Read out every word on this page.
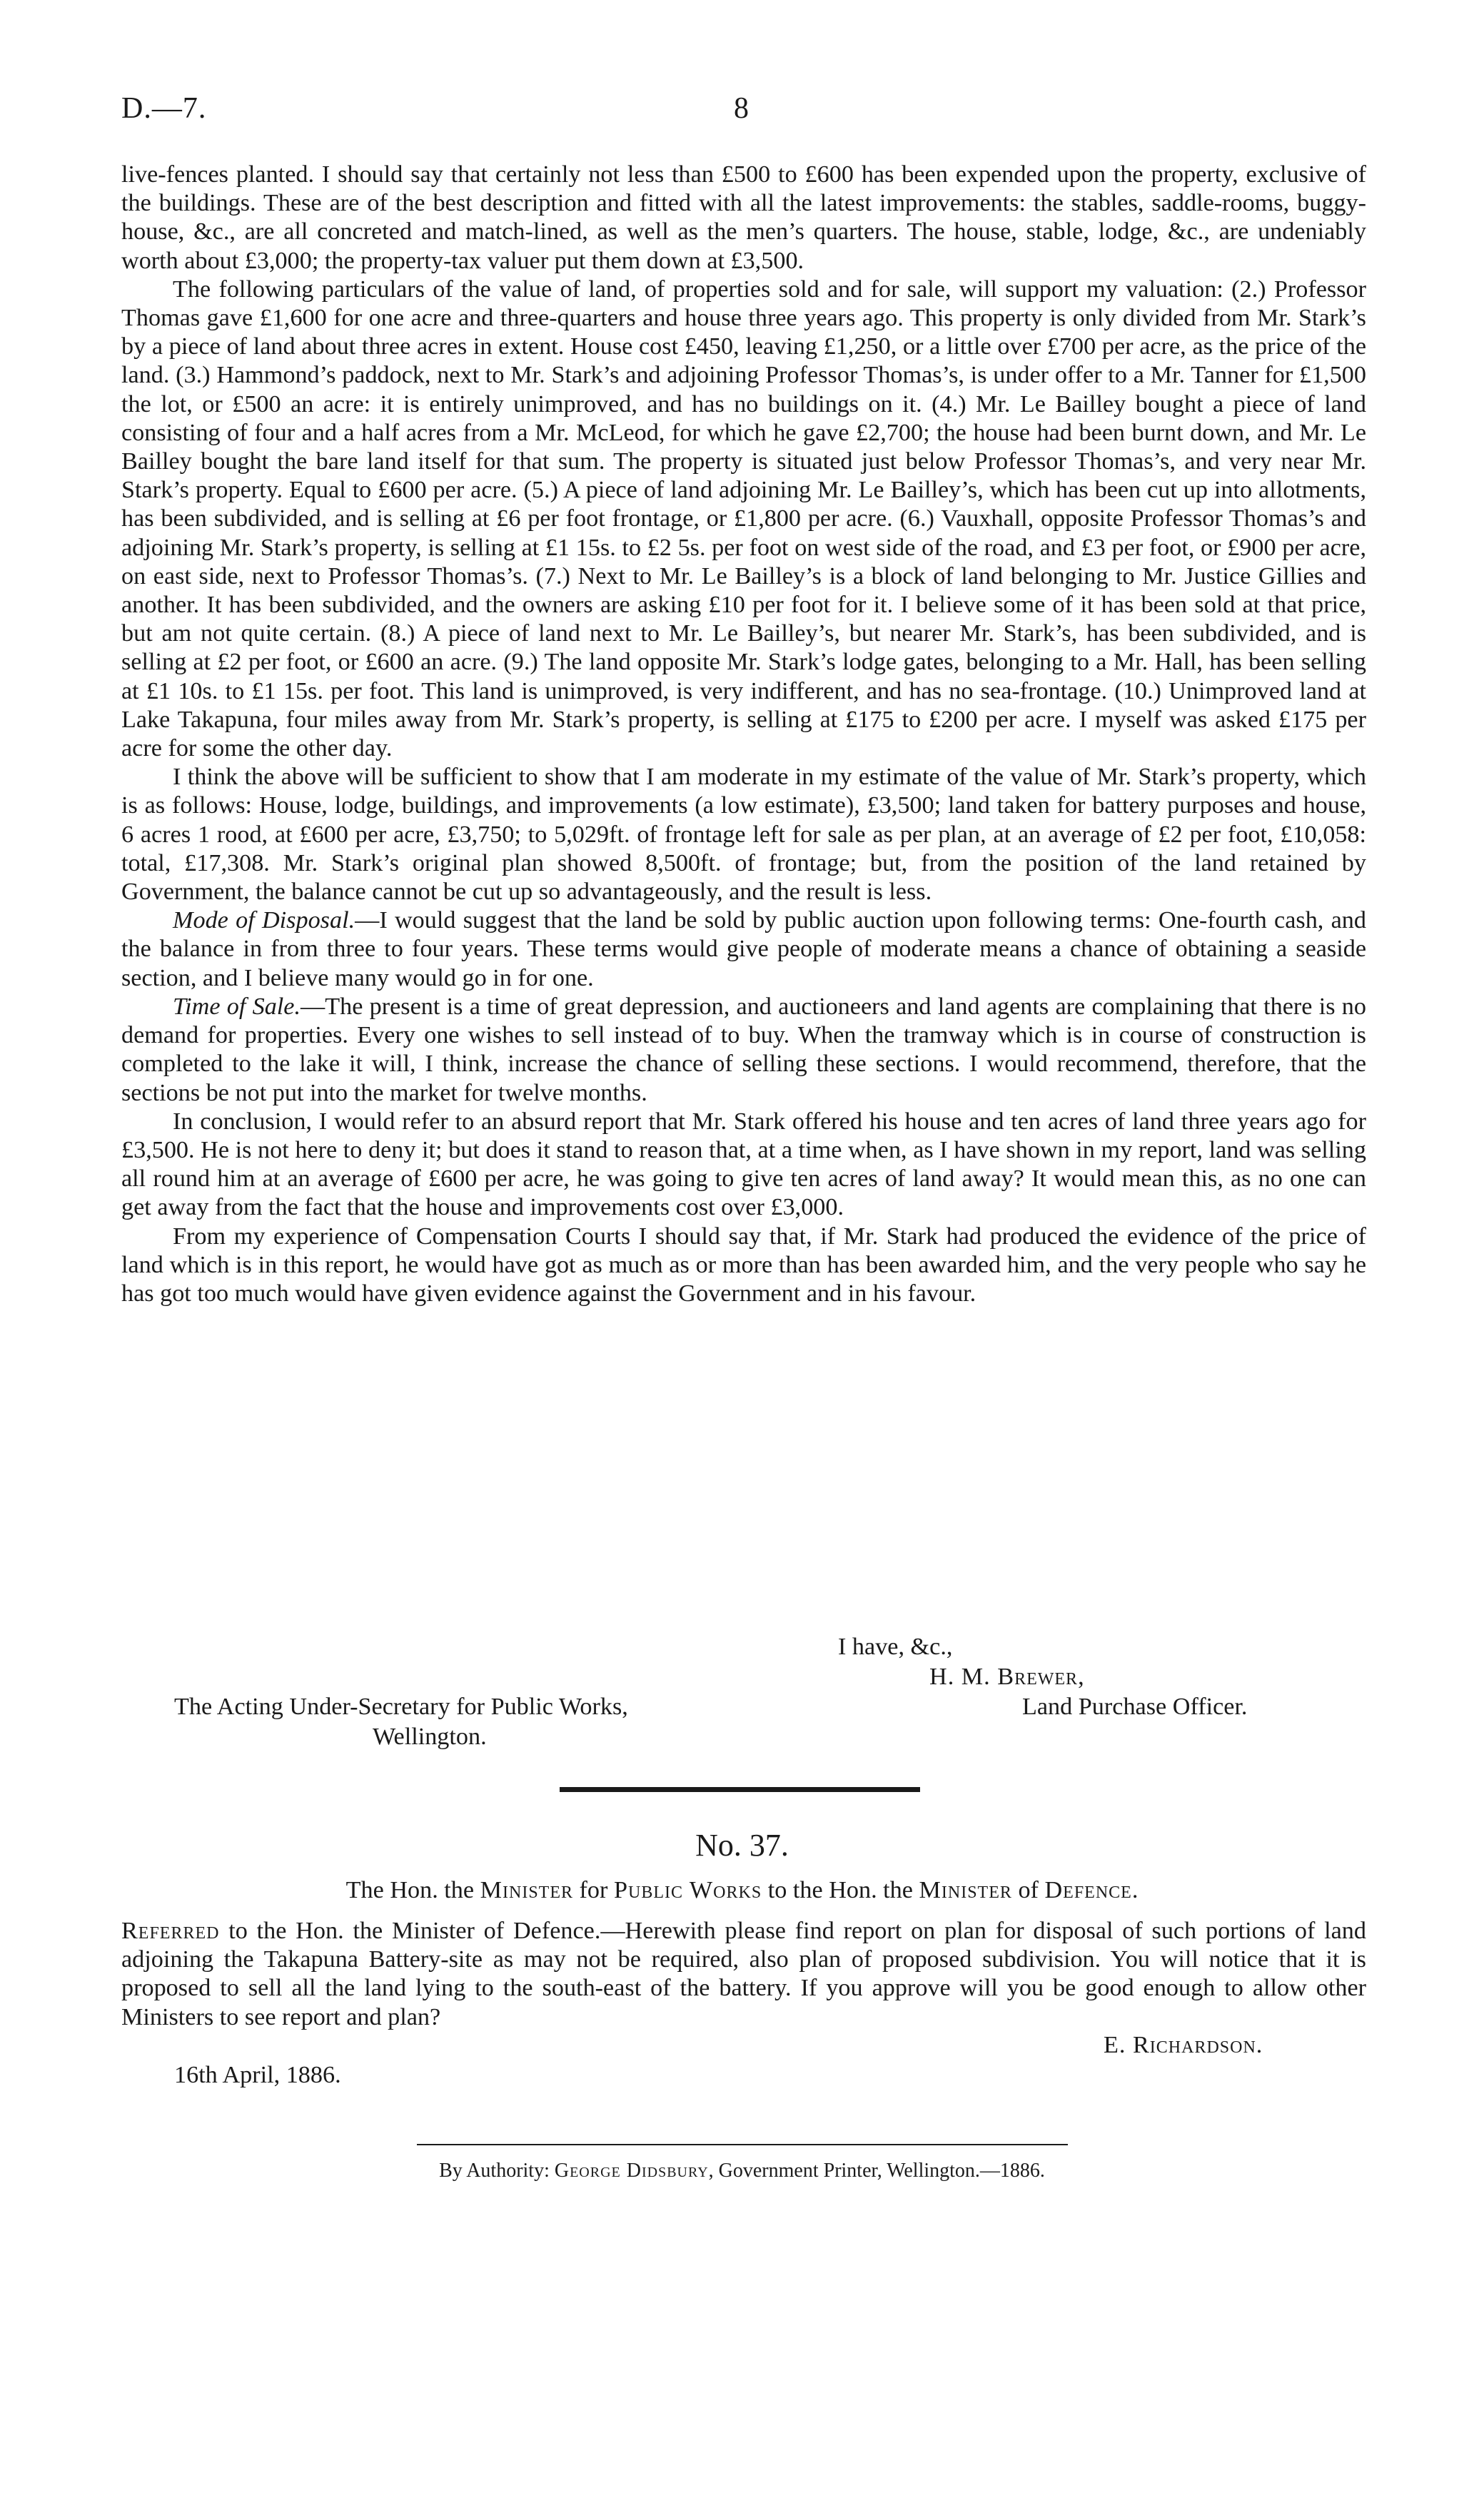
D.—7.	8

live-fences planted. I should say that certainly not less than £500 to £600 has been expended upon the property, exclusive of the buildings. These are of the best description and fitted with all the latest improvements: the stables, saddle-rooms, buggy-house, &c., are all concreted and match-lined, as well as the men’s quarters. The house, stable, lodge, &c., are undeniably worth about £3,000; the property-tax valuer put them down at £3,500.

The following particulars of the value of land, of properties sold and for sale, will support my valuation: (2.) Professor Thomas gave £1,600 for one acre and three-quarters and house three years ago. This property is only divided from Mr. Stark’s by a piece of land about three acres in extent. House cost £450, leaving £1,250, or a little over £700 per acre, as the price of the land. (3.) Hammond’s paddock, next to Mr. Stark’s and adjoining Professor Thomas’s, is under offer to a Mr. Tanner for £1,500 the lot, or £500 an acre: it is entirely unimproved, and has no buildings on it. (4.) Mr. Le Bailley bought a piece of land consisting of four and a half acres from a Mr. McLeod, for which he gave £2,700; the house had been burnt down, and Mr. Le Bailley bought the bare land itself for that sum. The property is situated just below Professor Thomas’s, and very near Mr. Stark’s property. Equal to £600 per acre. (5.) A piece of land adjoining Mr. Le Bailley’s, which has been cut up into allotments, has been subdivided, and is selling at £6 per foot frontage, or £1,800 per acre. (6.) Vauxhall, opposite Professor Thomas’s and adjoining Mr. Stark’s property, is selling at £1 15s. to £2 5s. per foot on west side of the road, and £3 per foot, or £900 per acre, on east side, next to Professor Thomas’s. (7.) Next to Mr. Le Bailley’s is a block of land belonging to Mr. Justice Gillies and another. It has been subdivided, and the owners are asking £10 per foot for it. I believe some of it has been sold at that price, but am not quite certain. (8.) A piece of land next to Mr. Le Bailley’s, but nearer Mr. Stark’s, has been subdivided, and is selling at £2 per foot, or £600 an acre. (9.) The land opposite Mr. Stark’s lodge gates, belonging to a Mr. Hall, has been selling at £1 10s. to £1 15s. per foot. This land is unimproved, is very indifferent, and has no sea-frontage. (10.) Unimproved land at Lake Takapuna, four miles away from Mr. Stark’s property, is selling at £175 to £200 per acre. I myself was asked £175 per acre for some the other day.

I think the above will be sufficient to show that I am moderate in my estimate of the value of Mr. Stark’s property, which is as follows: House, lodge, buildings, and improvements (a low estimate), £3,500; land taken for battery purposes and house, 6 acres 1 rood, at £600 per acre, £3,750; to 5,029ft. of frontage left for sale as per plan, at an average of £2 per foot, £10,058: total, £17,308. Mr. Stark’s original plan showed 8,500ft. of frontage; but, from the position of the land retained by Government, the balance cannot be cut up so advantageously, and the result is less.

Mode of Disposal.—I would suggest that the land be sold by public auction upon following terms: One-fourth cash, and the balance in from three to four years. These terms would give people of moderate means a chance of obtaining a seaside section, and I believe many would go in for one.

Time of Sale.—The present is a time of great depression, and auctioneers and land agents are complaining that there is no demand for properties. Every one wishes to sell instead of to buy. When the tramway which is in course of construction is completed to the lake it will, I think, increase the chance of selling these sections. I would recommend, therefore, that the sections be not put into the market for twelve months.

In conclusion, I would refer to an absurd report that Mr. Stark offered his house and ten acres of land three years ago for £3,500. He is not here to deny it; but does it stand to reason that, at a time when, as I have shown in my report, land was selling all round him at an average of £600 per acre, he was going to give ten acres of land away? It would mean this, as no one can get away from the fact that the house and improvements cost over £3,000.

From my experience of Compensation Courts I should say that, if Mr. Stark had produced the evidence of the price of land which is in this report, he would have got as much as or more than has been awarded him, and the very people who say he has got too much would have given evidence against the Government and in his favour.

I have, &c.,
H. M. Brewer,
The Acting Under-Secretary for Public Works,	Land Purchase Officer.
Wellington.
No. 37.
The Hon. the Minister for Public Works to the Hon. the Minister of Defence.

Referred to the Hon. the Minister of Defence.—Herewith please find report on plan for disposal of such portions of land adjoining the Takapuna Battery-site as may not be required, also plan of proposed subdivision. You will notice that it is proposed to sell all the land lying to the south-east of the battery. If you approve will you be good enough to allow other Ministers to see report and plan?

E. Richardson.
16th April, 1886.
By Authority: George Didsbury, Government Printer, Wellington.—1886.
